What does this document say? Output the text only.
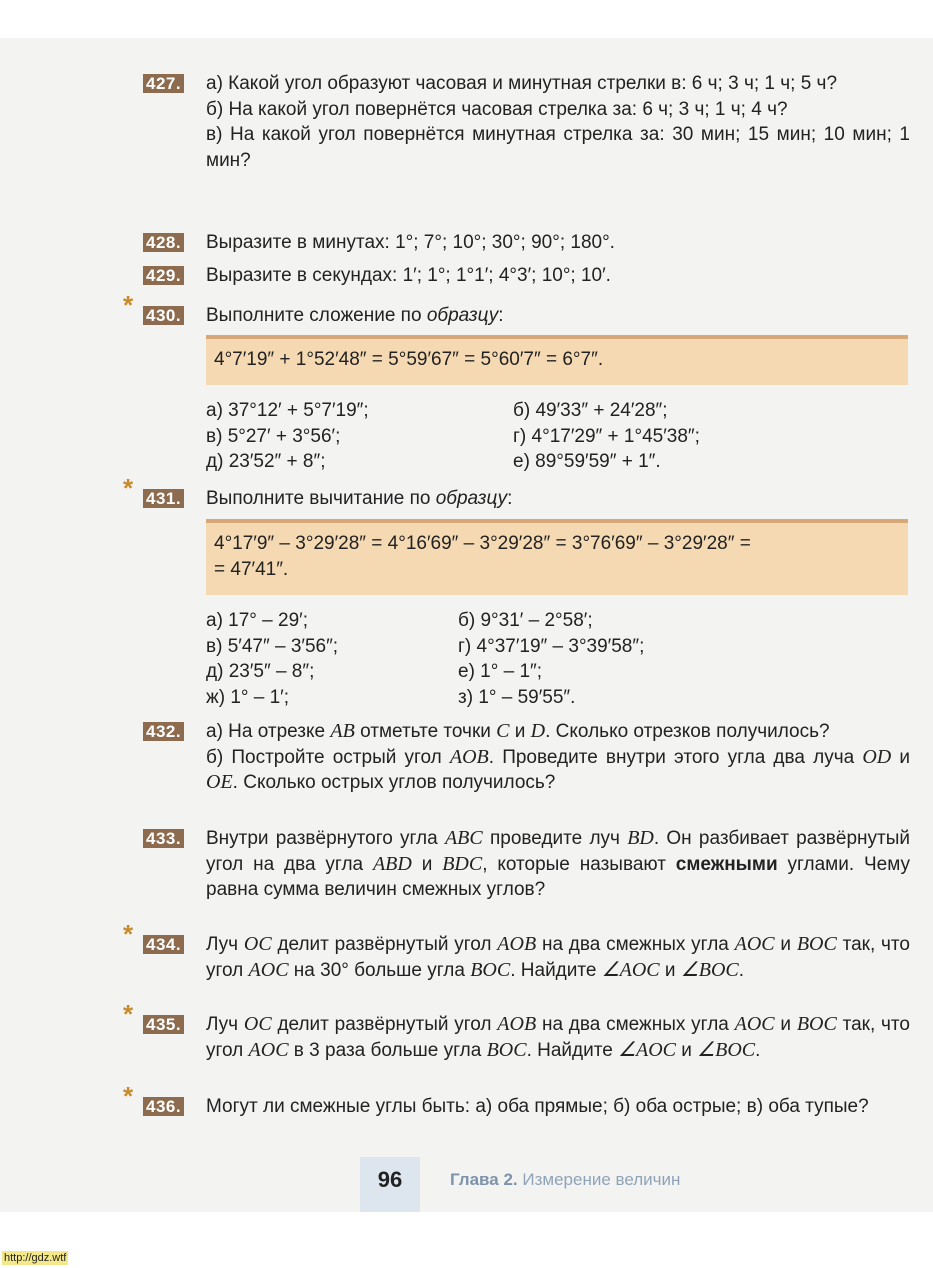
427. а) Какой угол образуют часовая и минутная стрелки в: 6 ч; 3 ч; 1 ч; 5 ч?
б) На какой угол повернётся часовая стрелка за: 6 ч; 3 ч; 1 ч; 4 ч?
в) На какой угол повернётся минутная стрелка за: 30 мин; 15 мин; 10 мин; 1 мин?
428. Выразите в минутах: 1°; 7°; 10°; 30°; 90°; 180°.
429. Выразите в секундах: 1′; 1°; 1°1′; 4°3′; 10°; 10′.
* 430. Выполните сложение по образцу:
* 431. Выполните вычитание по образцу:
432. а) На отрезке AB отметьте точки C и D. Сколько отрезков получилось?
б) Постройте острый угол AOB. Проведите внутри этого угла два луча OD и OE. Сколько острых углов получилось?
433. Внутри развёрнутого угла ABC проведите луч BD. Он разбивает развёрнутый угол на два угла ABD и BDC, которые называют смежными углами. Чему равна сумма величин смежных углов?
* 434. Луч OC делит развёрнутый угол AOB на два смежных угла AOC и BOC так, что угол AOC на 30° больше угла BOC. Найдите ∠AOC и ∠BOC.
* 435. Луч OC делит развёрнутый угол AOB на два смежных угла AOC и BOC так, что угол AOC в 3 раза больше угла BOC. Найдите ∠AOC и ∠BOC.
* 436. Могут ли смежные углы быть: а) оба прямые; б) оба острые; в) оба тупые?
4°7′19″ + 1°52′48″ = 5°59′67″ = 5°60′7″ = 6°7″.
а) 37°12′ + 5°7′19″;	б) 49′33″ + 24′28″;
в) 5°27′ + 3°56′;	г) 4°17′29″ + 1°45′38″;
д) 23′52″ + 8″;	е) 89°59′59″ + 1″.
4°17′9″ – 3°29′28″ = 4°16′69″ – 3°29′28″ = 3°76′69″ – 3°29′28″ =
= 47′41″.
а) 17° – 29′;	б) 9°31′ – 2°58′;
в) 5′47″ – 3′56″;	г) 4°37′19″ – 3°39′58″;
д) 23′5″ – 8″;	е) 1° – 1″;
ж) 1° – 1′;	з) 1° – 59′55″.
96	Глава 2. Измерение величин
http://gdz.wtf
